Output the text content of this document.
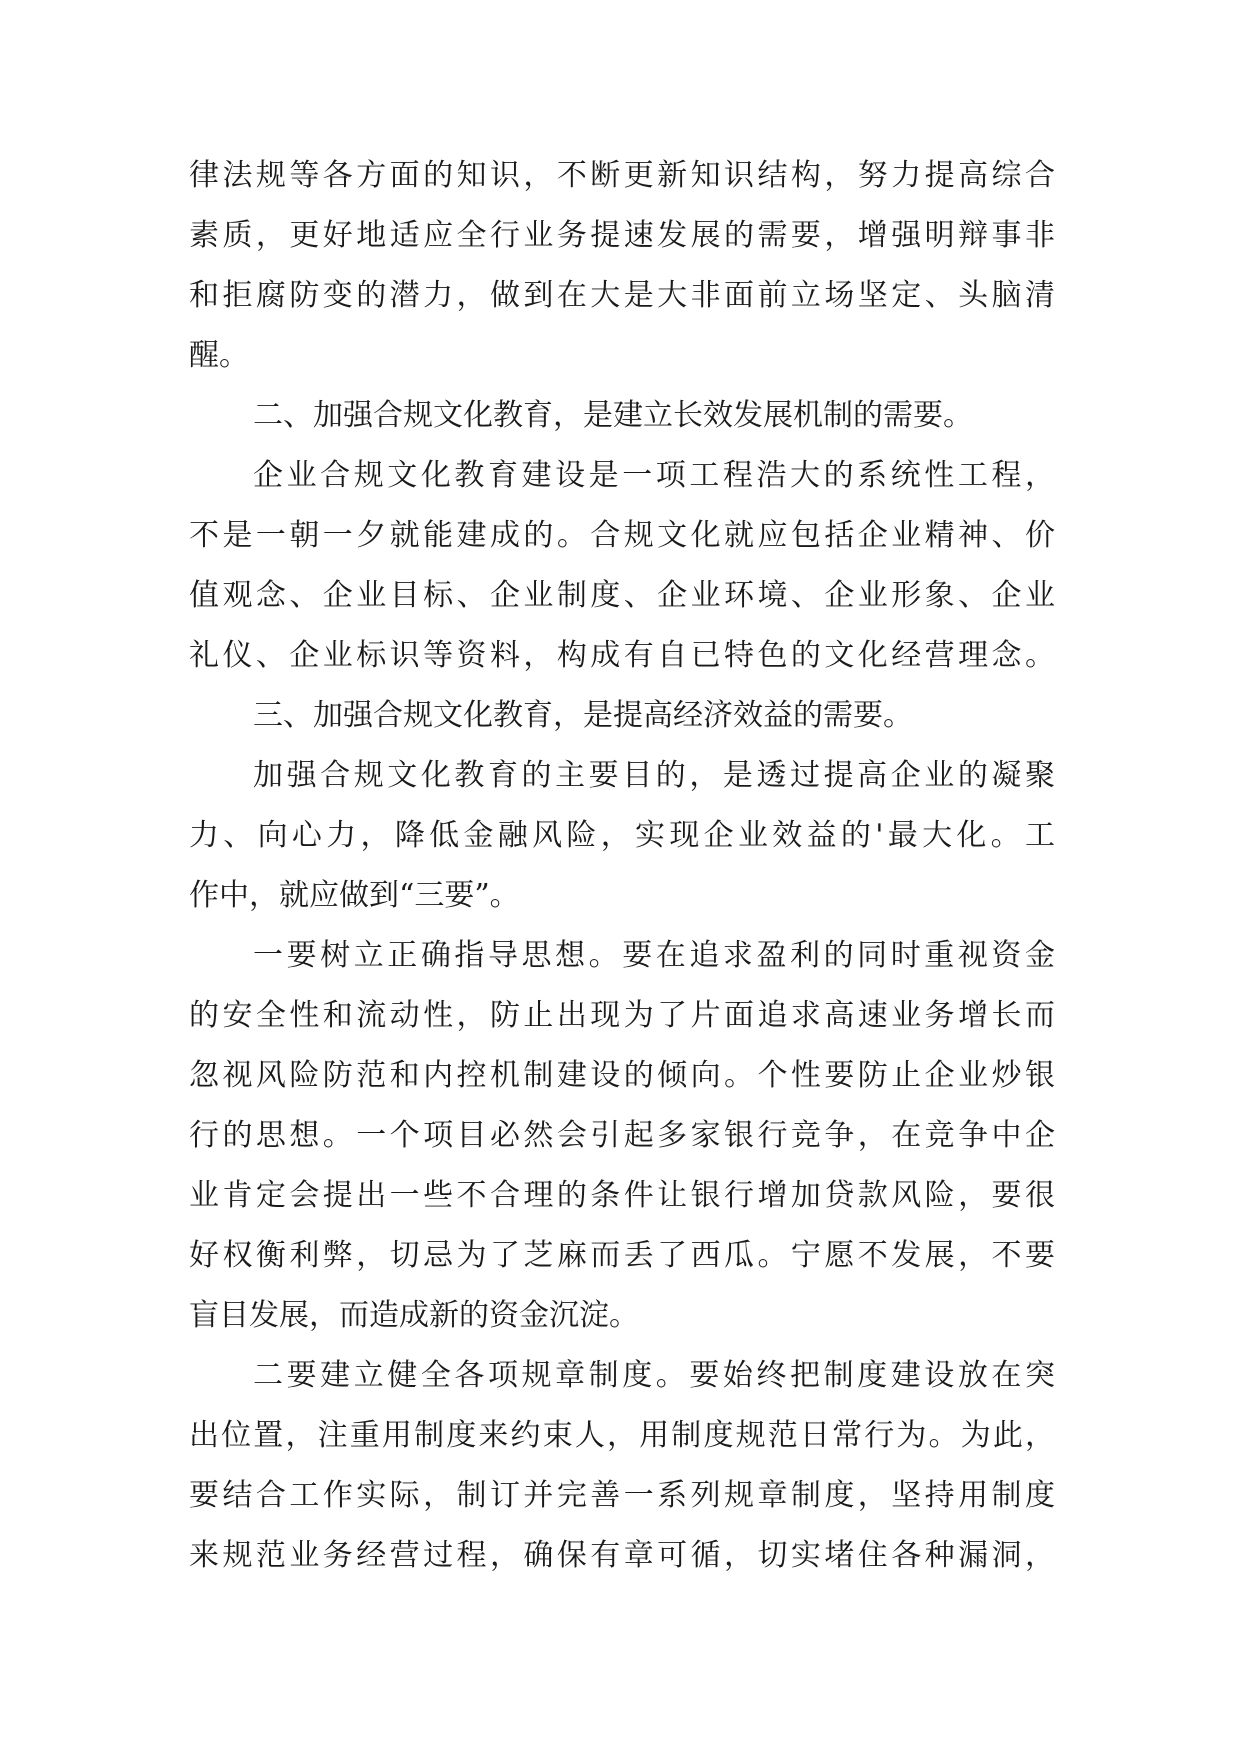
律法规等各方面的知识，不断更新知识结构，努力提高综合
素质，更好地适应全行业务提速发展的需要，增强明辩事非
和拒腐防变的潜力，做到在大是大非面前立场坚定、头脑清
醒。
二、加强合规文化教育，是建立长效发展机制的需要。
企业合规文化教育建设是一项工程浩大的系统性工程，
不是一朝一夕就能建成的。合规文化就应包括企业精神、价
值观念、企业目标、企业制度、企业环境、企业形象、企业
礼仪、企业标识等资料，构成有自已特色的文化经营理念。
三、加强合规文化教育，是提高经济效益的需要。
加强合规文化教育的主要目的，是透过提高企业的凝聚
力、向心力，降低金融风险，实现企业效益的'最大化。工
作中，就应做到“三要”。
一要树立正确指导思想。要在追求盈利的同时重视资金
的安全性和流动性，防止出现为了片面追求高速业务增长而
忽视风险防范和内控机制建设的倾向。个性要防止企业炒银
行的思想。一个项目必然会引起多家银行竞争，在竞争中企
业肯定会提出一些不合理的条件让银行增加贷款风险，要很
好权衡利弊，切忌为了芝麻而丢了西瓜。宁愿不发展，不要
盲目发展，而造成新的资金沉淀。
二要建立健全各项规章制度。要始终把制度建设放在突
出位置，注重用制度来约束人，用制度规范日常行为。为此，
要结合工作实际，制订并完善一系列规章制度，坚持用制度
来规范业务经营过程，确保有章可循，切实堵住各种漏洞，
